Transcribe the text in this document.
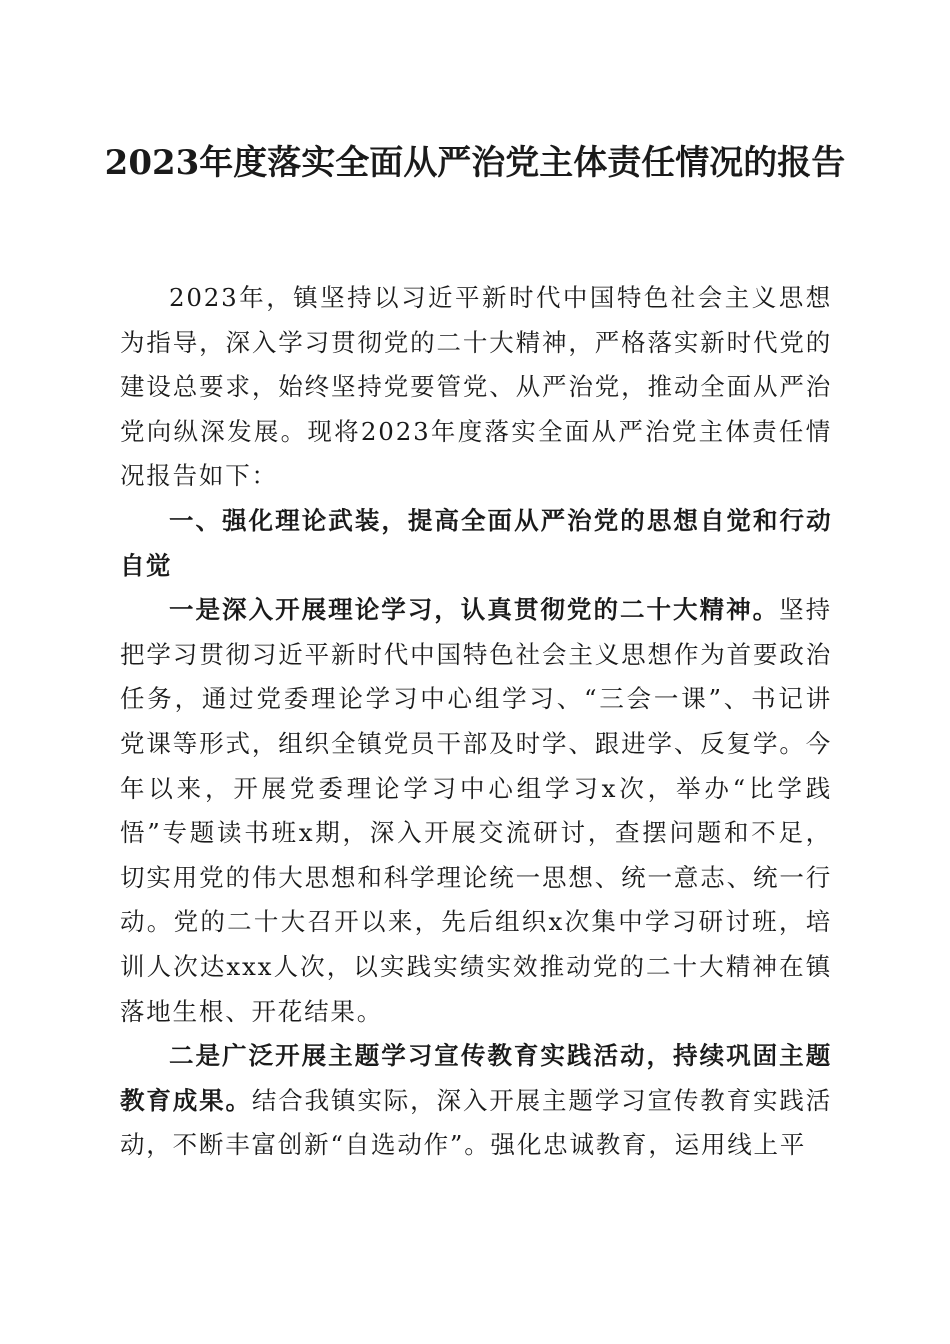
2023年度落实全面从严治党主体责任情况的报告

2023年，镇坚持以习近平新时代中国特色社会主义思想为指导，深入学习贯彻党的二十大精神，严格落实新时代党的建设总要求，始终坚持党要管党、从严治党，推动全面从严治党向纵深发展。现将2023年度落实全面从严治党主体责任情况报告如下：

一、强化理论武装，提高全面从严治党的思想自觉和行动自觉

一是深入开展理论学习，认真贯彻党的二十大精神。坚持把学习贯彻习近平新时代中国特色社会主义思想作为首要政治任务，通过党委理论学习中心组学习、“三会一课”、书记讲党课等形式，组织全镇党员干部及时学、跟进学、反复学。今年以来，开展党委理论学习中心组学习x次，举办“比学践悟”专题读书班x期，深入开展交流研讨，查摆问题和不足，切实用党的伟大思想和科学理论统一思想、统一意志、统一行动。党的二十大召开以来，先后组织x次集中学习研讨班，培训人次达xxx人次，以实践实绩实效推动党的二十大精神在镇落地生根、开花结果。

二是广泛开展主题学习宣传教育实践活动，持续巩固主题教育成果。结合我镇实际，深入开展主题学习宣传教育实践活动，不断丰富创新“自选动作”。强化忠诚教育，运用线上平
